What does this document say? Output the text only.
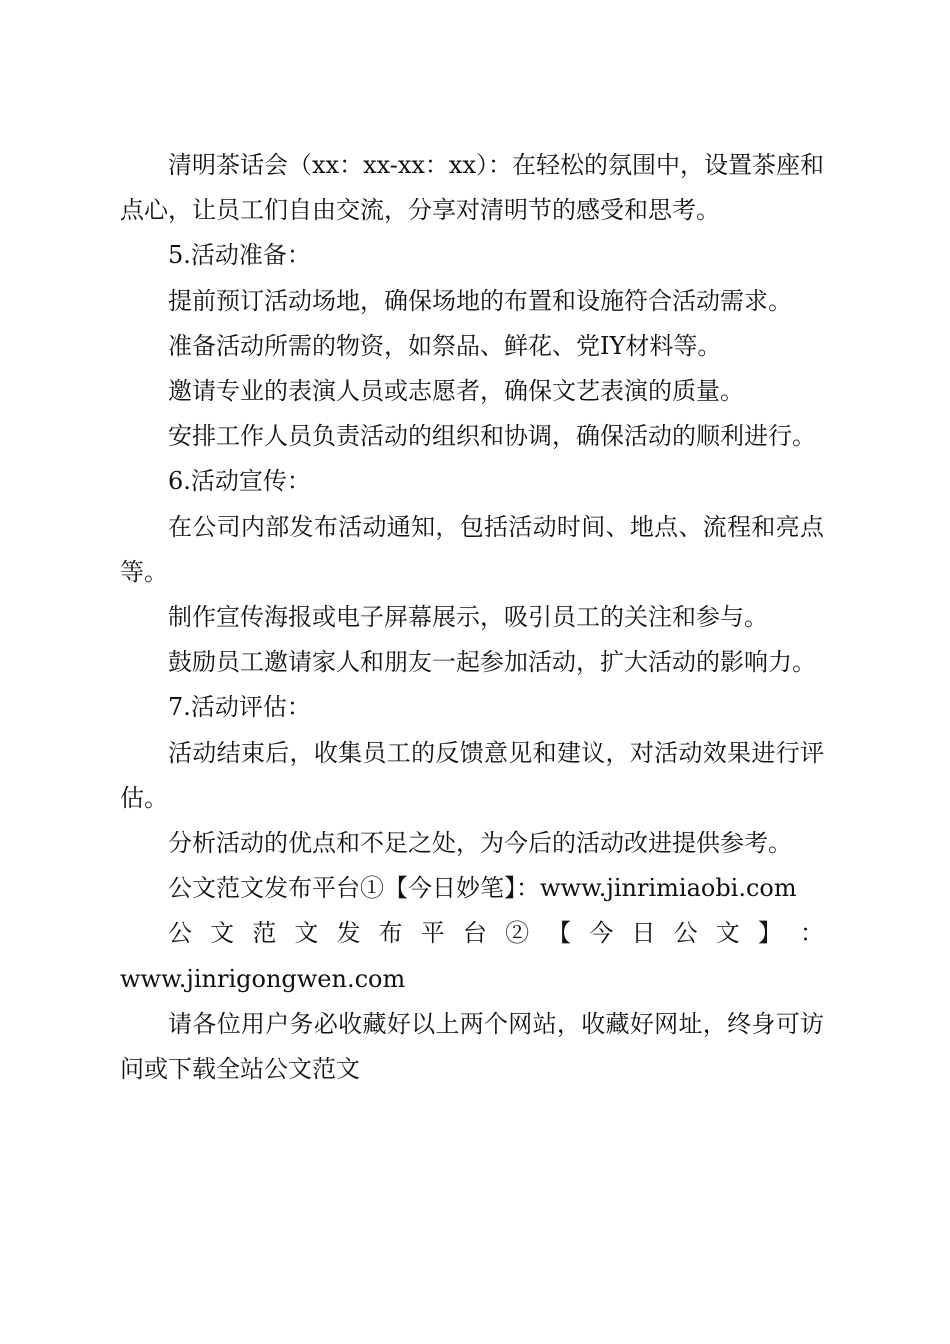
清明茶话会（xx：xx-xx：xx）：在轻松的氛围中，设置茶座和点心，让员工们自由交流，分享对清明节的感受和思考。

5.活动准备：

提前预订活动场地，确保场地的布置和设施符合活动需求。

准备活动所需的物资，如祭品、鲜花、党IY材料等。

邀请专业的表演人员或志愿者，确保文艺表演的质量。

安排工作人员负责活动的组织和协调，确保活动的顺利进行。

6.活动宣传：

在公司内部发布活动通知，包括活动时间、地点、流程和亮点等。

制作宣传海报或电子屏幕展示，吸引员工的关注和参与。

鼓励员工邀请家人和朋友一起参加活动，扩大活动的影响力。

7.活动评估：

活动结束后，收集员工的反馈意见和建议，对活动效果进行评估。

分析活动的优点和不足之处，为今后的活动改进提供参考。

公文范文发布平台①【今日妙笔】：www.jinrimiaobi.com

公 文 范 文 发 布 平 台 ② 【 今 日 公 文 】 ：

www.jinrigongwen.com

请各位用户务必收藏好以上两个网站，收藏好网址，终身可访问或下载全站公文范文
